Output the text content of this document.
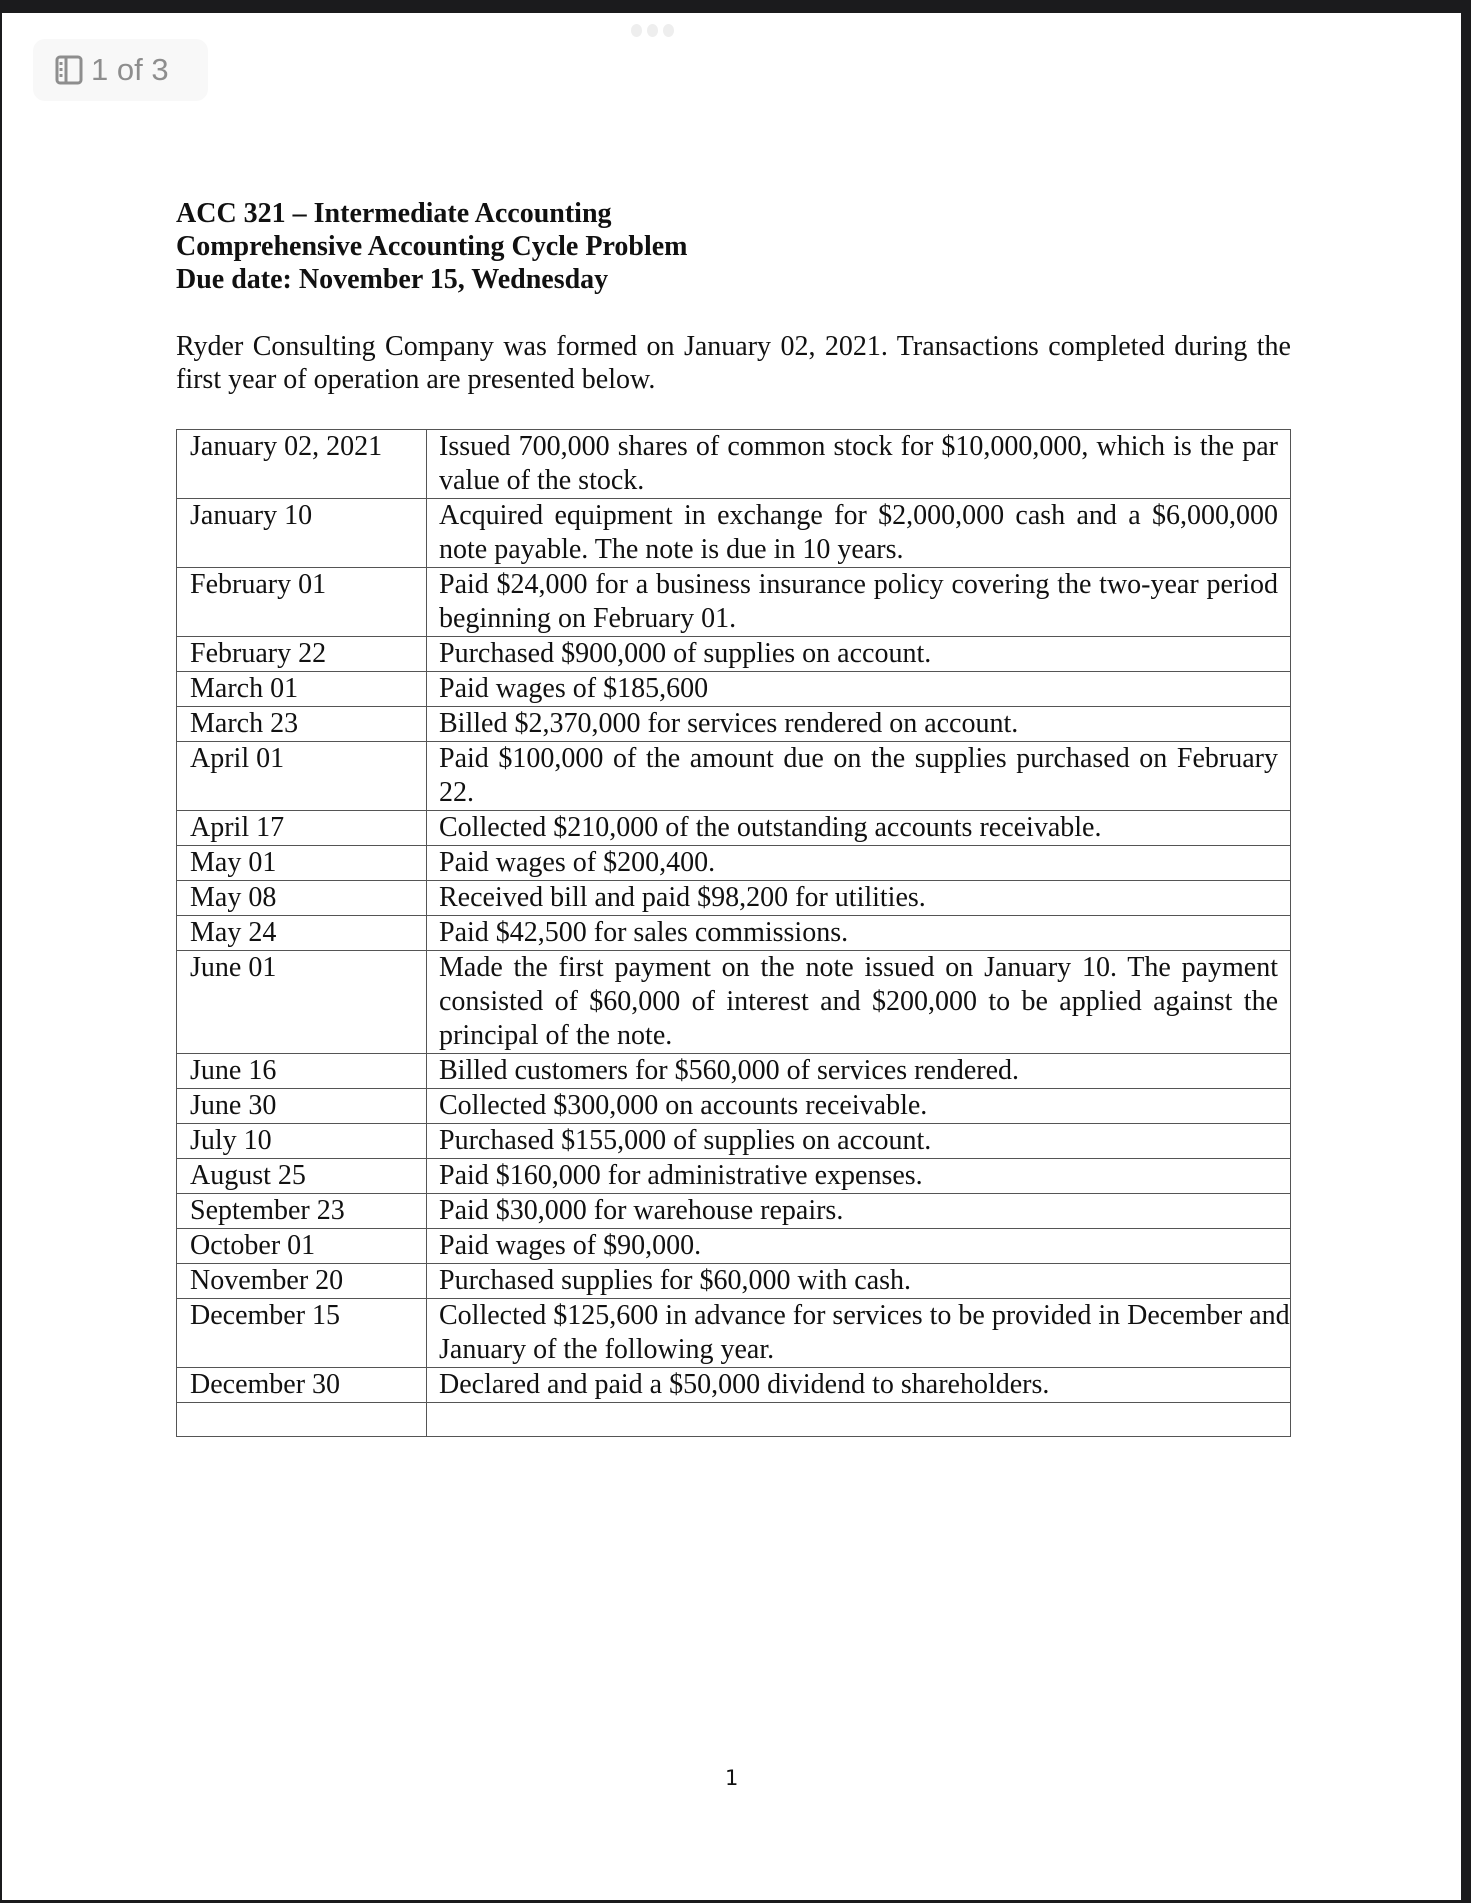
1 of 3
ACC 321 – Intermediate Accounting
Comprehensive Accounting Cycle Problem
Due date: November 15, Wednesday
Ryder Consulting Company was formed on January 02, 2021. Transactions completed during the
first year of operation are presented below.
January 02, 2021	Issued 700,000 shares of common stock for $10,000,000, which is the par
value of the stock.

January 10	Acquired equipment in exchange for $2,000,000 cash and a $6,000,000
note payable. The note is due in 10 years.

February 01	Paid $24,000 for a business insurance policy covering the two-year period
beginning on February 01.

February 22	Purchased $900,000 of supplies on account.

March 01	Paid wages of $185,600

March 23	Billed $2,370,000 for services rendered on account.

April 01	Paid $100,000 of the amount due on the supplies purchased on February
22.

April 17	Collected $210,000 of the outstanding accounts receivable.

May 01	Paid wages of $200,400.

May 08	Received bill and paid $98,200 for utilities.

May 24	Paid $42,500 for sales commissions.

June 01	Made the first payment on the note issued on January 10. The payment
consisted of $60,000 of interest and $200,000 to be applied against the
principal of the note.

June 16	Billed customers for $560,000 of services rendered.

June 30	Collected $300,000 on accounts receivable.

July 10	Purchased $155,000 of supplies on account.

August 25	Paid $160,000 for administrative expenses.

September 23	Paid $30,000 for warehouse repairs.

October 01	Paid wages of $90,000.

November 20	Purchased supplies for $60,000 with cash.

December 15	Collected $125,600 in advance for services to be provided in December and
January of the following year.

December 30	Declared and paid a $50,000 dividend to shareholders.

1
